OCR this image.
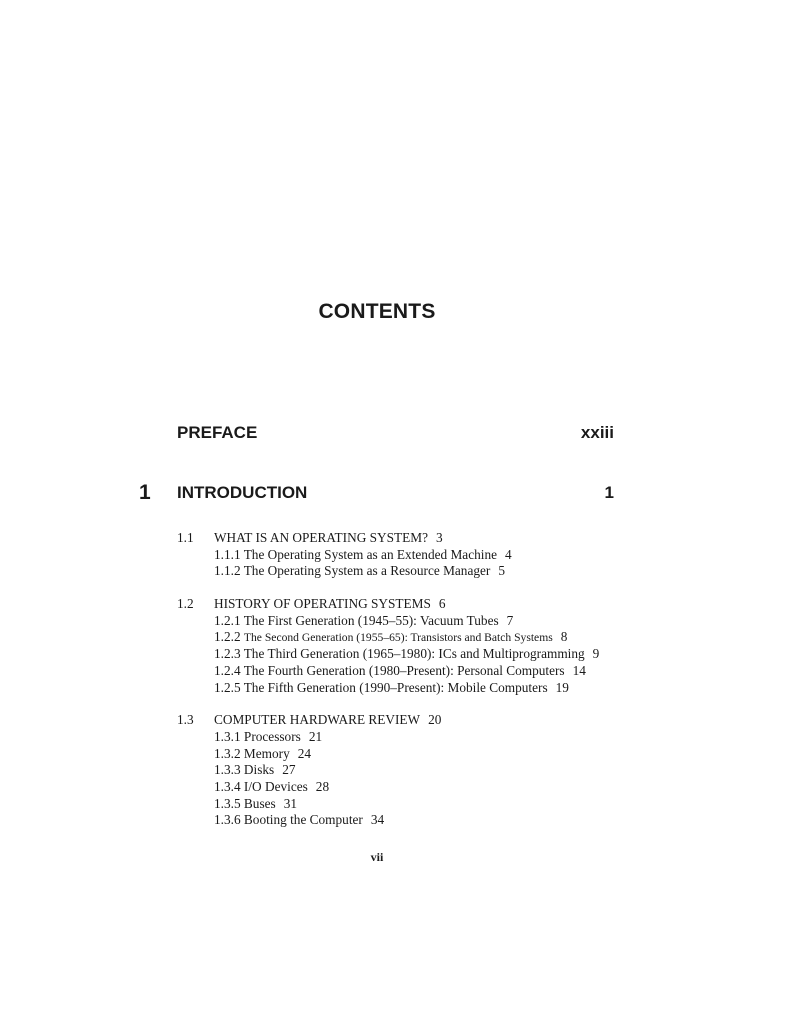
CONTENTS
PREFACE	xxiii
1 INTRODUCTION	1
1.1	WHAT IS AN OPERATING SYSTEM? 3
1.1.1 The Operating System as an Extended Machine 4
1.1.2 The Operating System as a Resource Manager 5
1.2	HISTORY OF OPERATING SYSTEMS 6
1.2.1 The First Generation (1945–55): Vacuum Tubes 7
1.2.2 The Second Generation (1955–65): Transistors and Batch Systems 8
1.2.3 The Third Generation (1965–1980): ICs and Multiprogramming 9
1.2.4 The Fourth Generation (1980–Present): Personal Computers 14
1.2.5 The Fifth Generation (1990–Present): Mobile Computers 19
1.3	COMPUTER HARDWARE REVIEW 20
1.3.1 Processors 21
1.3.2 Memory 24
1.3.3 Disks 27
1.3.4 I/O Devices 28
1.3.5 Buses 31
1.3.6 Booting the Computer 34
vii
